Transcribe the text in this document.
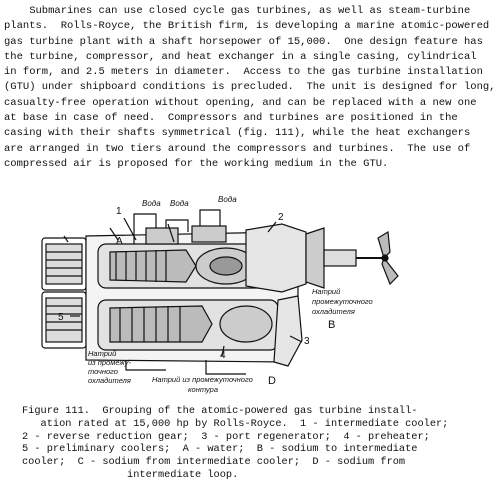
Submarines can use closed cycle gas turbines, as well as steam-turbine
plants.  Rolls-Royce, the British firm, is developing a marine atomic-powered
gas turbine plant with a shaft horsepower of 15,000.  One design feature has
the turbine, compressor, and heat exchanger in a single casing, cylindrical
in form, and 2.5 meters in diameter.  Access to the gas turbine installation
(GTU) under shipboard conditions is precluded.  The unit is designed for long,
casualty-free operation without opening, and can be replaced with a new one
at base in case of need.  Compressors and turbines are positioned in the
casing with their shafts symmetrical (fig. 111), while the heat exchangers
are arranged in two tiers around the compressors and turbines.  The use of
compressed air is proposed for the working medium in the GTU.
Вода Вода	Вода
1
2
3
4
5
A
B
D
Натрий
промежуточного
охладителя
Натрий
из промежу-
точного
охладителя	Натрий из промежуточного
контура
Figure 111.  Grouping of the atomic-powered gas turbine install-
ation rated at 15,000 hp by Rolls-Royce.  1 - intermediate cooler;
2 - reverse reduction gear;  3 - port regenerator;  4 - preheater;
5 - preliminary coolers;  A - water;  B - sodium to intermediate
cooler;  C - sodium from intermediate cooler;  D - sodium from
intermediate loop.
